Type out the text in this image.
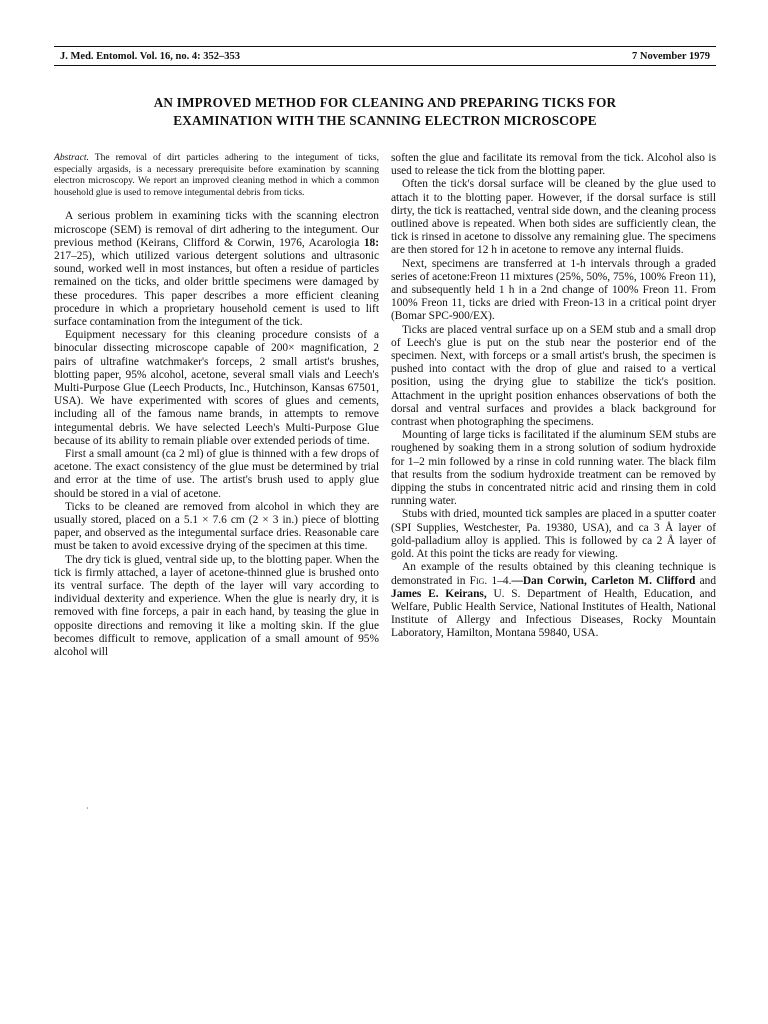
J. Med. Entomol. Vol. 16, no. 4: 352–353	7 November 1979
AN IMPROVED METHOD FOR CLEANING AND PREPARING TICKS FOR
EXAMINATION WITH THE SCANNING ELECTRON MICROSCOPE

Abstract. The removal of dirt particles adhering to the integument of ticks, especially argasids, is a necessary prerequisite before examination by scanning electron microscopy. We report an improved cleaning method in which a common household glue is used to remove integumental debris from ticks.

A serious problem in examining ticks with the scanning electron microscope (SEM) is removal of dirt adhering to the integument. Our previous method (Keirans, Clifford & Corwin, 1976, Acarologia 18: 217–25), which utilized various detergent solutions and ultrasonic sound, worked well in most instances, but often a residue of particles remained on the ticks, and older brittle specimens were damaged by these procedures. This paper describes a more efficient cleaning procedure in which a proprietary household cement is used to lift surface contamination from the integument of the tick.

Equipment necessary for this cleaning procedure consists of a binocular dissecting microscope capable of 200× magnification, 2 pairs of ultrafine watchmaker's forceps, 2 small artist's brushes, blotting paper, 95% alcohol, acetone, several small vials and Leech's Multi-Purpose Glue (Leech Products, Inc., Hutchinson, Kansas 67501, USA). We have experimented with scores of glues and cements, including all of the famous name brands, in attempts to remove integumental debris. We have selected Leech's Multi-Purpose Glue because of its ability to remain pliable over extended periods of time.

First a small amount (ca 2 ml) of glue is thinned with a few drops of acetone. The exact consistency of the glue must be determined by trial and error at the time of use. The artist's brush used to apply glue should be stored in a vial of acetone.

Ticks to be cleaned are removed from alcohol in which they are usually stored, placed on a 5.1 × 7.6 cm (2 × 3 in.) piece of blotting paper, and observed as the integumental surface dries. Reasonable care must be taken to avoid excessive drying of the specimen at this time.

The dry tick is glued, ventral side up, to the blotting paper. When the tick is firmly attached, a layer of acetone-thinned glue is brushed onto its ventral surface. The depth of the layer will vary according to individual dexterity and experience. When the glue is nearly dry, it is removed with fine forceps, a pair in each hand, by teasing the glue in opposite directions and removing it like a molting skin. If the glue becomes difficult to remove, application of a small amount of 95% alcohol will

soften the glue and facilitate its removal from the tick. Alcohol also is used to release the tick from the blotting paper.

Often the tick's dorsal surface will be cleaned by the glue used to attach it to the blotting paper. However, if the dorsal surface is still dirty, the tick is reattached, ventral side down, and the cleaning process outlined above is repeated. When both sides are sufficiently clean, the tick is rinsed in acetone to dissolve any remaining glue. The specimens are then stored for 12 h in acetone to remove any internal fluids.

Next, specimens are transferred at 1-h intervals through a graded series of acetone:Freon 11 mixtures (25%, 50%, 75%, 100% Freon 11), and subsequently held 1 h in a 2nd change of 100% Freon 11. From 100% Freon 11, ticks are dried with Freon-13 in a critical point dryer (Bomar SPC-900/EX).

Ticks are placed ventral surface up on a SEM stub and a small drop of Leech's glue is put on the stub near the posterior end of the specimen. Next, with forceps or a small artist's brush, the specimen is pushed into contact with the drop of glue and raised to a vertical position, using the drying glue to stabilize the tick's position. Attachment in the upright position enhances observations of both the dorsal and ventral surfaces and provides a black background for contrast when photographing the specimens.

Mounting of large ticks is facilitated if the aluminum SEM stubs are roughened by soaking them in a strong solution of sodium hydroxide for 1–2 min followed by a rinse in cold running water. The black film that results from the sodium hydroxide treatment can be removed by dipping the stubs in concentrated nitric acid and rinsing them in cold running water.

Stubs with dried, mounted tick samples are placed in a sputter coater (SPI Supplies, Westchester, Pa. 19380, USA), and ca 3 Å layer of gold-palladium alloy is applied. This is followed by ca 2 Å layer of gold. At this point the ticks are ready for viewing.

An example of the results obtained by this cleaning technique is demonstrated in Fig. 1–4.—Dan Corwin, Carleton M. Clifford and James E. Keirans, U. S. Department of Health, Education, and Welfare, Public Health Service, National Institutes of Health, National Institute of Allergy and Infectious Diseases, Rocky Mountain Laboratory, Hamilton, Montana 59840, USA.

·
